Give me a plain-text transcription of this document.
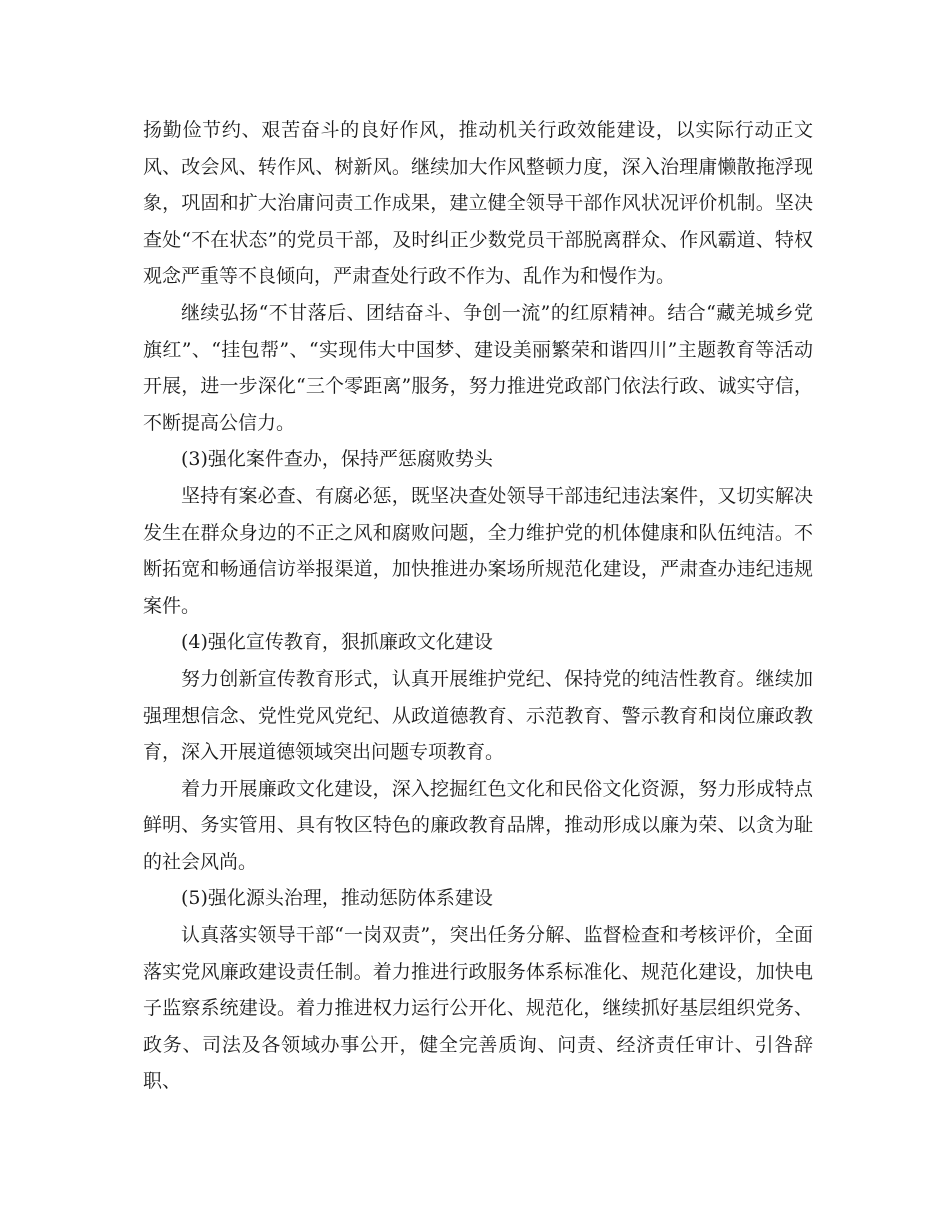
扬勤俭节约、艰苦奋斗的良好作风，推动机关行政效能建设，以实际行动正文风、改会风、转作风、树新风。继续加大作风整顿力度，深入治理庸懒散拖浮现象，巩固和扩大治庸问责工作成果，建立健全领导干部作风状况评价机制。坚决查处“不在状态”的党员干部，及时纠正少数党员干部脱离群众、作风霸道、特权观念严重等不良倾向，严肃查处行政不作为、乱作为和慢作为。

继续弘扬“不甘落后、团结奋斗、争创一流”的红原精神。结合“藏羌城乡党旗红”、“挂包帮”、“实现伟大中国梦、建设美丽繁荣和谐四川”主题教育等活动开展，进一步深化“三个零距离”服务，努力推进党政部门依法行政、诚实守信，不断提高公信力。

(3)强化案件查办，保持严惩腐败势头

坚持有案必查、有腐必惩，既坚决查处领导干部违纪违法案件，又切实解决发生在群众身边的不正之风和腐败问题，全力维护党的机体健康和队伍纯洁。不断拓宽和畅通信访举报渠道，加快推进办案场所规范化建设，严肃查办违纪违规案件。

(4)强化宣传教育，狠抓廉政文化建设

努力创新宣传教育形式，认真开展维护党纪、保持党的纯洁性教育。继续加强理想信念、党性党风党纪、从政道德教育、示范教育、警示教育和岗位廉政教育，深入开展道德领域突出问题专项教育。

着力开展廉政文化建设，深入挖掘红色文化和民俗文化资源，努力形成特点鲜明、务实管用、具有牧区特色的廉政教育品牌，推动形成以廉为荣、以贪为耻的社会风尚。

(5)强化源头治理，推动惩防体系建设

认真落实领导干部“一岗双责”，突出任务分解、监督检查和考核评价，全面落实党风廉政建设责任制。着力推进行政服务体系标准化、规范化建设，加快电子监察系统建设。着力推进权力运行公开化、规范化，继续抓好基层组织党务、政务、司法及各领域办事公开，健全完善质询、问责、经济责任审计、引咎辞职、
